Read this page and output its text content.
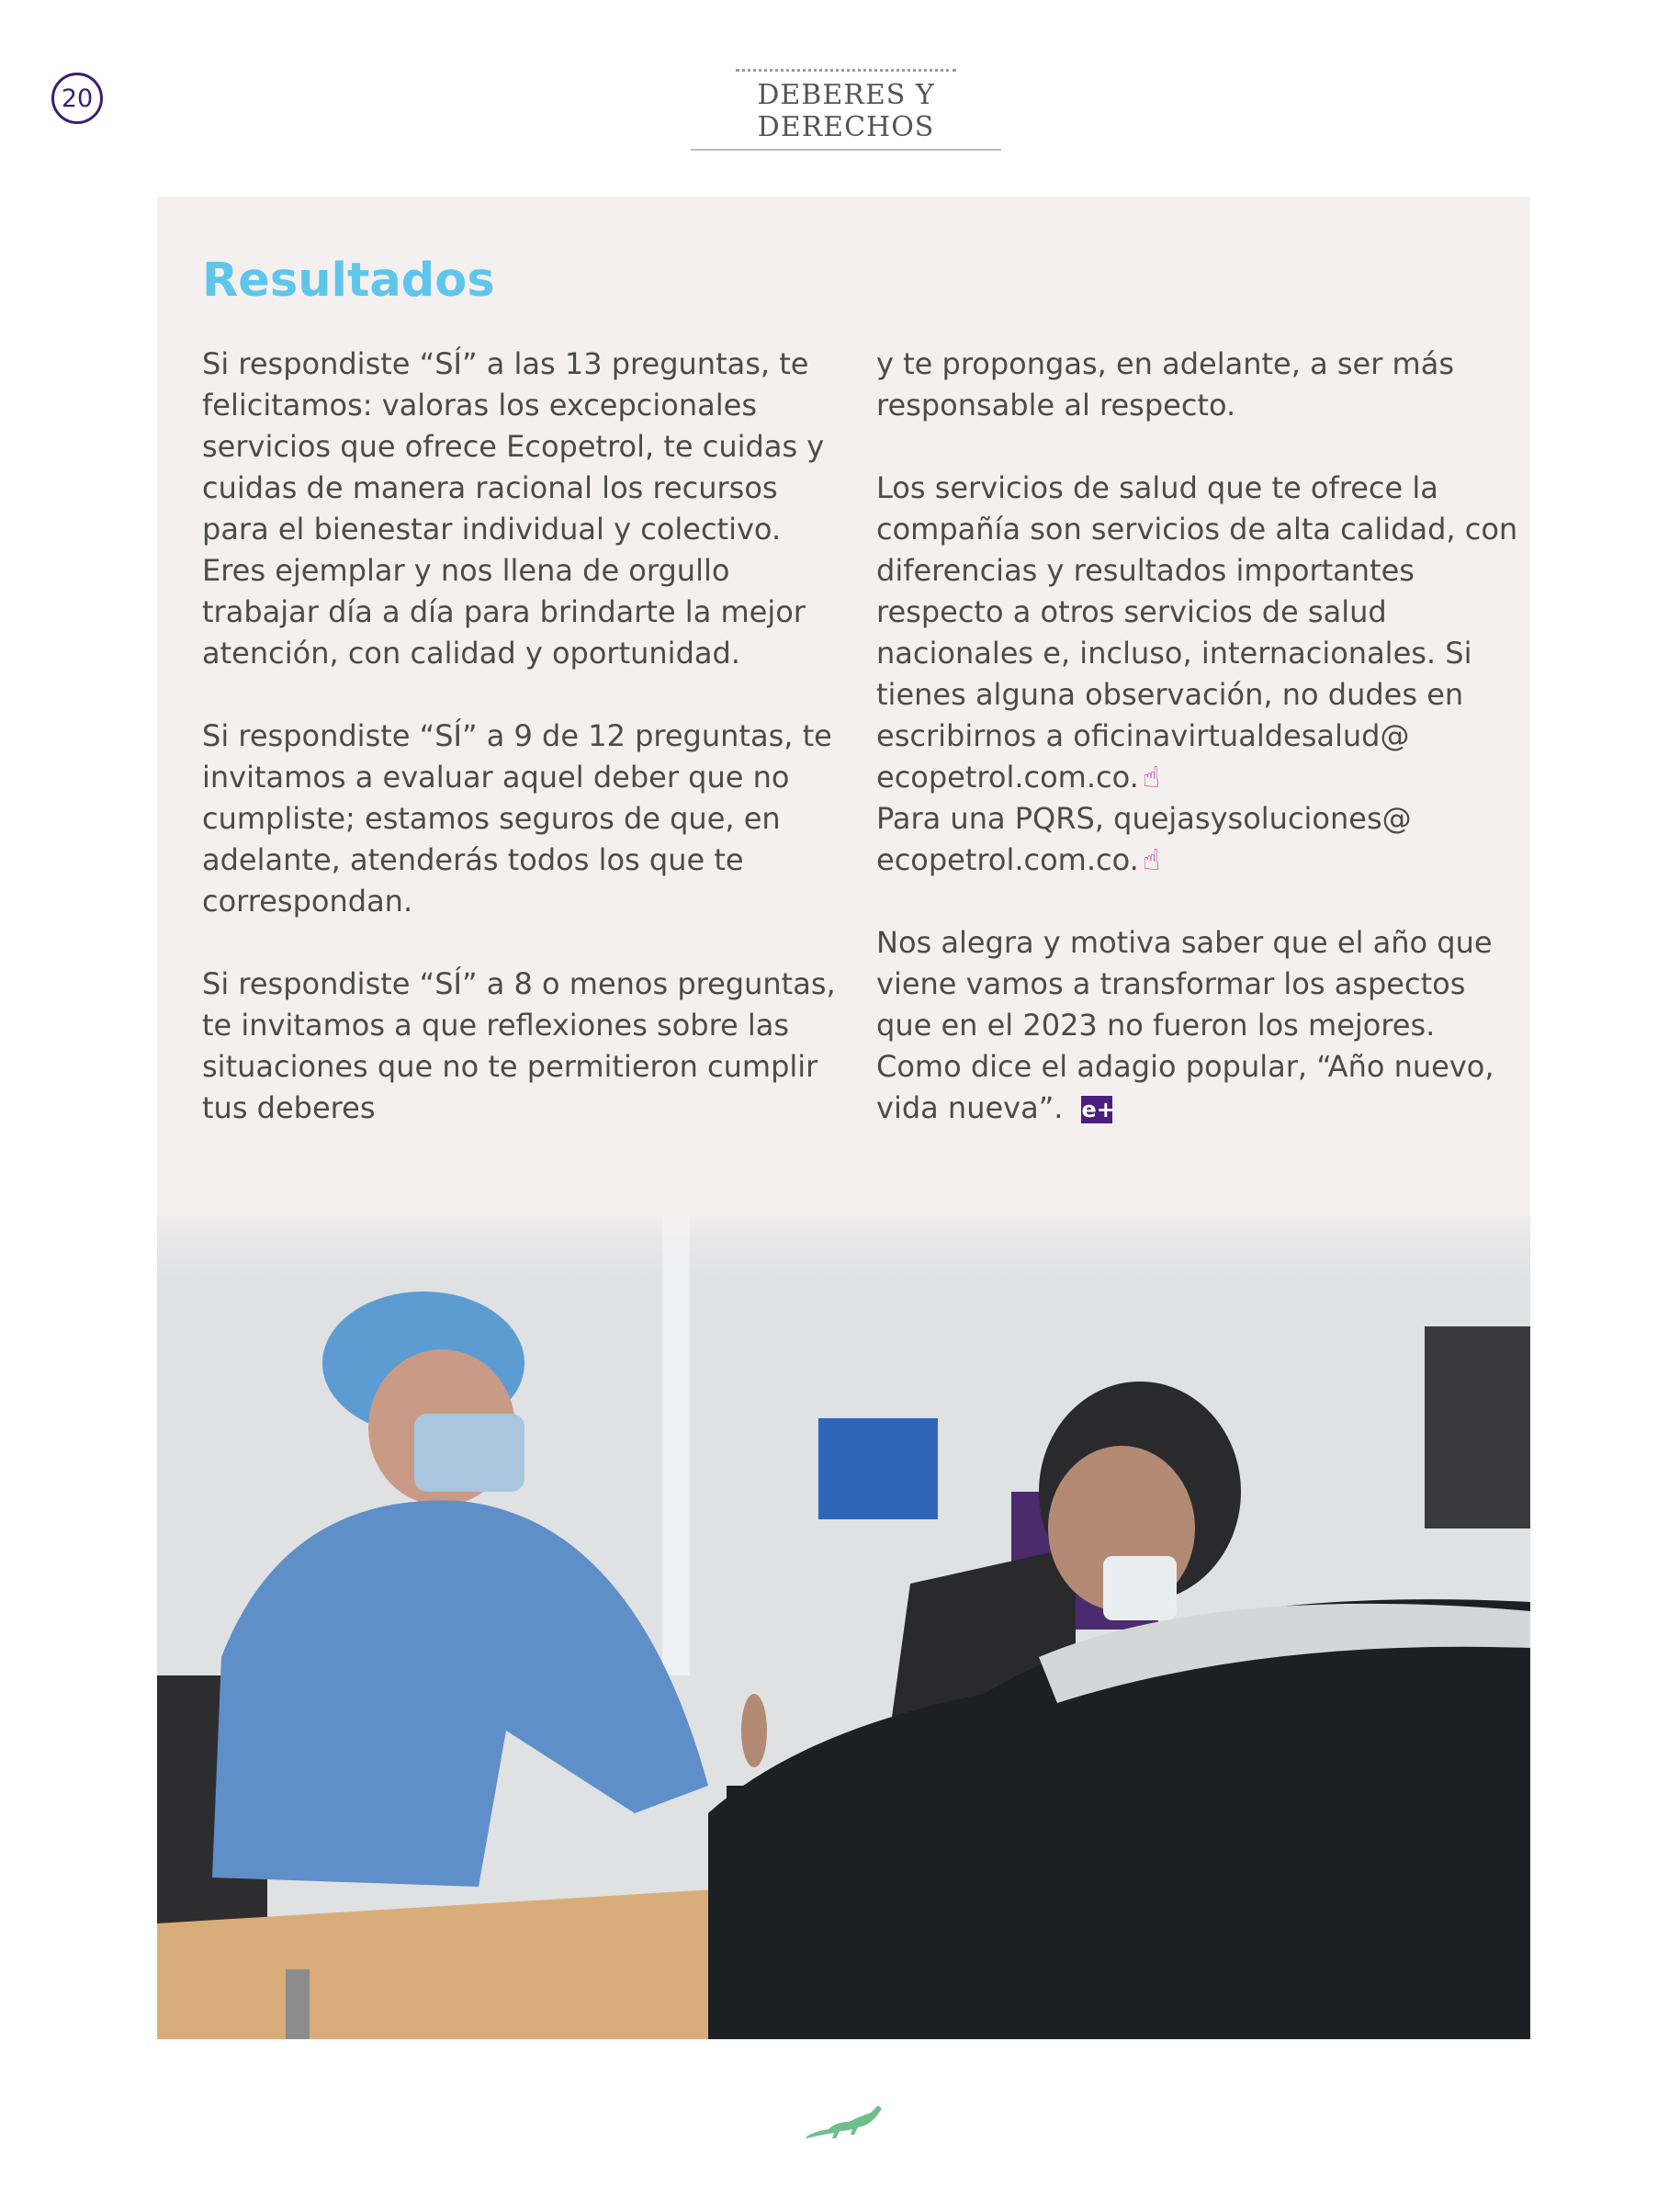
20	DEBERES Y DERECHOS
Resultados

Si respondiste “SÍ” a las 13 preguntas, te felicitamos: valoras los excepcionales servicios que ofrece Ecopetrol, te cuidas y cuidas de manera racional los recursos para el bienestar individual y colectivo. Eres ejemplar y nos llena de orgullo trabajar día a día para brindarte la mejor atención, con calidad y oportunidad.

Si respondiste “SÍ” a 9 de 12 preguntas, te invitamos a evaluar aquel deber que no cumpliste; estamos seguros de que, en adelante, atenderás todos los que te correspondan.

Si respondiste “SÍ” a 8 o menos preguntas, te invitamos a que reflexiones sobre las situaciones que no te permitieron cumplir tus deberes

y te propongas, en adelante, a ser más responsable al respecto.

Los servicios de salud que te ofrece la compañía son servicios de alta calidad, con diferencias y resultados importantes respecto a otros servicios de salud nacionales e, incluso, internacionales. Si tienes alguna observación, no dudes en escribirnos a oficinavirtualdesalud@ ecopetrol.com.co. ☝
Para una PQRS, quejasysoluciones@ ecopetrol.com.co. ☝

Nos alegra y motiva saber que el año que viene vamos a transformar los aspectos que en el 2023 no fueron los mejores. Como dice el adagio popular, “Año nuevo, vida nueva”. e+
